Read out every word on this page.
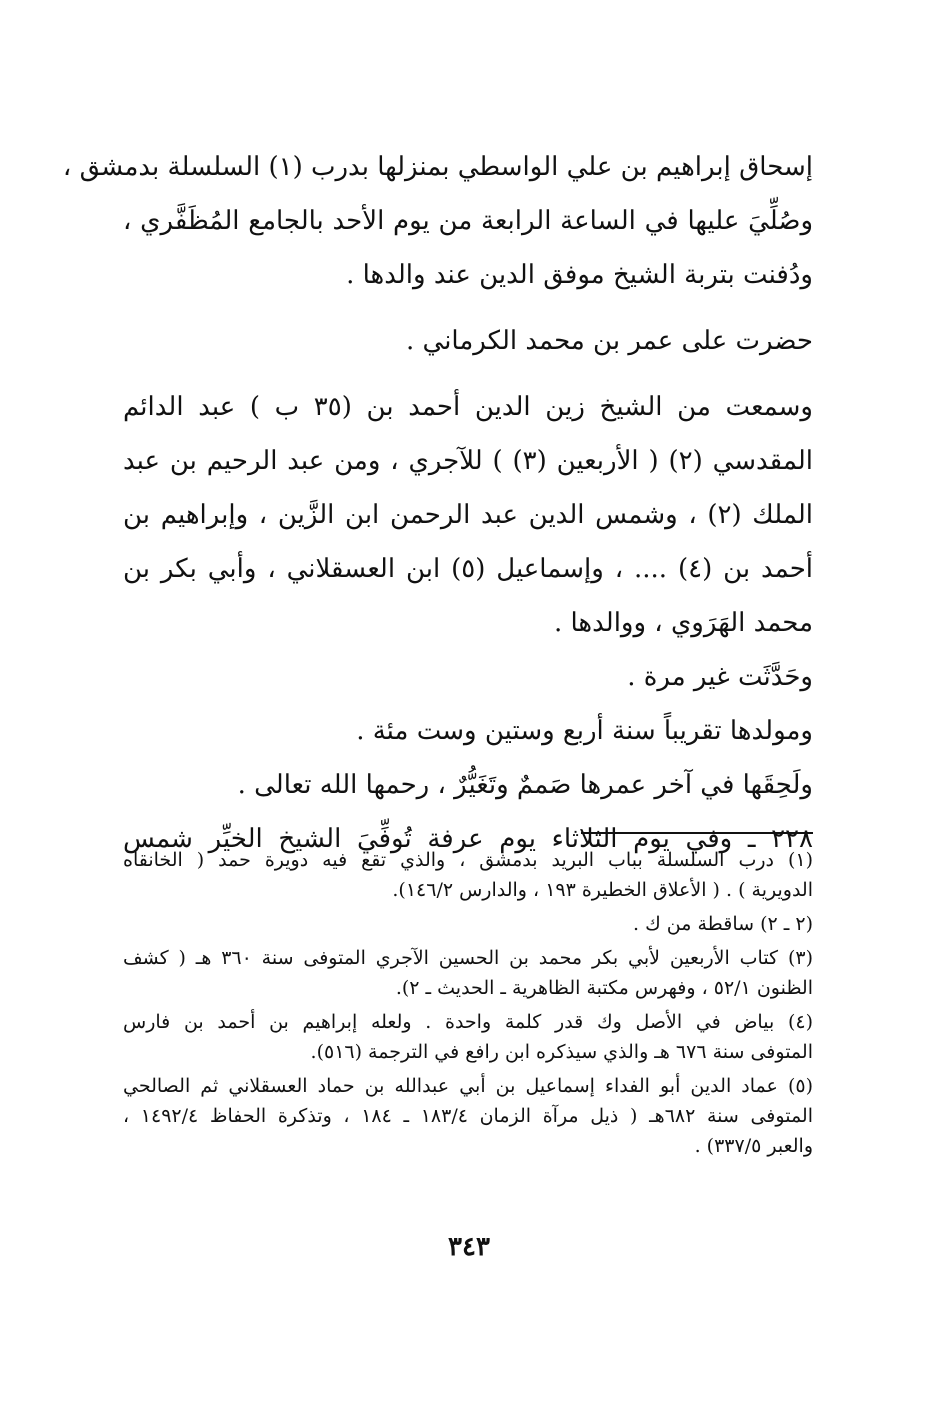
إسحاق إبراهيم بن علي الواسطي بمنزلها بدرب (١) السلسلة بدمشق ،
وصُلِّيَ عليها في الساعة الرابعة من يوم الأحد بالجامع المُظَفَّري ،
ودُفنت بتربة الشيخ موفق الدين عند والدها .
حضرت على عمر بن محمد الكرماني .
وسمعت من الشيخ زين الدين أحمد بن (٣٥ ب ) عبد الدائم
المقدسي (٢) ( الأربعين (٣) ) للآجري ، ومن عبد الرحيم بن عبد
الملك (٢) ، وشمس الدين عبد الرحمن ابن الزَّين ، وإبراهيم بن
أحمد بن (٤) .... ، وإسماعيل (٥) ابن العسقلاني ، وأبي بكر بن
محمد الهَرَوي ، ووالدها .
وحَدَّثَت غير مرة .
ومولدها تقريباً سنة أربع وستين وست مئة .
ولَحِقَها في آخر عمرها صَممٌ وتَغَيُّرٌ ، رحمها الله تعالى .
٢٢٨ ـ وفي يوم الثلاثاء يوم عرفة تُوفِّيَ الشيخ الخيِّر شمس
(١) درب السلسلة بباب البريد بدمشق ، والذي تقع فيه دويرة حمد ( الخانقاه
الدويرية ) . ( الأعلاق الخطيرة ١٩٣ ، والدارس ١٤٦/٢).
(٢ ـ ٢) ساقطة من ك .
(٣) كتاب الأربعين لأبي بكر محمد بن الحسين الآجري المتوفى سنة ٣٦٠ هـ ( كشف
الظنون ٥٢/١ ، وفهرس مكتبة الظاهرية ـ الحديث ـ ٢).
(٤) بياض في الأصل وك قدر كلمة واحدة . ولعله إبراهيم بن أحمد بن فارس
المتوفى سنة ٦٧٦ هـ والذي سيذكره ابن رافع في الترجمة (٥١٦).
(٥) عماد الدين أبو الفداء إسماعيل بن أبي عبدالله بن حماد العسقلاني ثم الصالحي
المتوفى سنة ٦٨٢هـ ( ذيل مرآة الزمان ١٨٣/٤ ـ ١٨٤ ، وتذكرة الحفاظ ١٤٩٢/٤ ،
والعبر ٣٣٧/٥) .
٣٤٣
